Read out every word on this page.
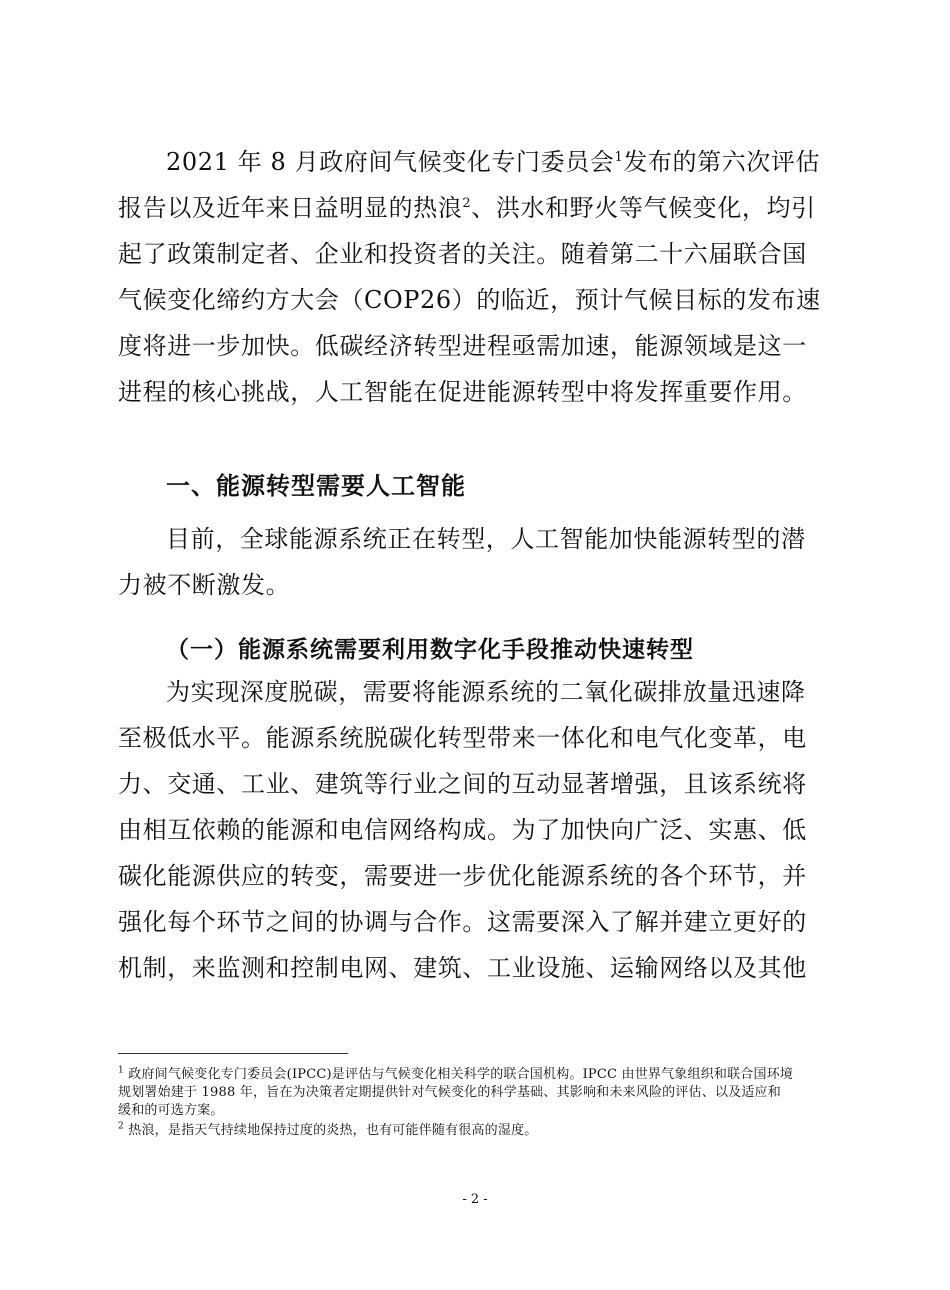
2021 年 8 月政府间气候变化专门委员会$^1$发布的第六次评估
报告以及近年来日益明显的热浪$^2$、洪水和野火等气候变化，均引
起了政策制定者、企业和投资者的关注。随着第二十六届联合国
气候变化缔约方大会（COP26）的临近，预计气候目标的发布速
度将进一步加快。低碳经济转型进程亟需加速，能源领域是这一
进程的核心挑战，人工智能在促进能源转型中将发挥重要作用。
一、能源转型需要人工智能
目前，全球能源系统正在转型，人工智能加快能源转型的潜
力被不断激发。
（一）能源系统需要利用数字化手段推动快速转型
为实现深度脱碳，需要将能源系统的二氧化碳排放量迅速降
至极低水平。能源系统脱碳化转型带来一体化和电气化变革，电
力、交通、工业、建筑等行业之间的互动显著增强，且该系统将
由相互依赖的能源和电信网络构成。为了加快向广泛、实惠、低
碳化能源供应的转变，需要进一步优化能源系统的各个环节，并
强化每个环节之间的协调与合作。这需要深入了解并建立更好的
机制，来监测和控制电网、建筑、工业设施、运输网络以及其他
$^1$ 政府间气候变化专门委员会(IPCC)是评估与气候变化相关科学的联合国机构。IPCC 由世界气象组织和联合国环境
规划署始建于 1988 年，旨在为决策者定期提供针对气候变化的科学基础、其影响和未来风险的评估、以及适应和
缓和的可选方案。
$^2$ 热浪，是指天气持续地保持过度的炎热，也有可能伴随有很高的湿度。
- 2 -
